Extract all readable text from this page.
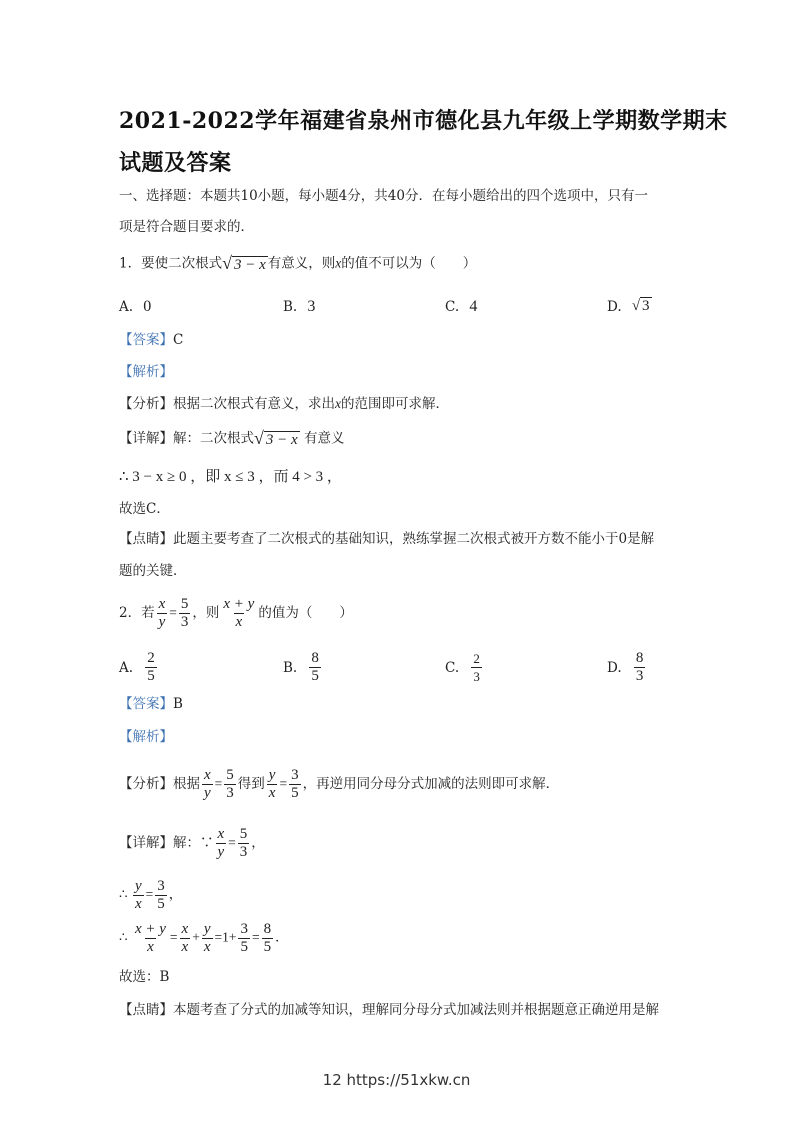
2021-2022学年福建省泉州市德化县九年级上学期数学期末
试题及答案
一、选择题：本题共10小题，每小题4分，共40分．在每小题给出的四个选项中，只有一
项是符合题目要求的．
1．要使二次根式√ 3 − x 有意义，则x的值不可以为（　　）
A. 0	B. 3	C. 4	D. √ 3
【答案】C
【解析】
【分析】根据二次根式有意义，求出x的范围即可求解．
【详解】解：二次根式√ 3 − x 有意义
∴ 3 − x ≥ 0 ，即 x ≤ 3 ，而 4 > 3 ，
故选C．
【点睛】此题主要考查了二次根式的基础知识，熟练掌握二次根式被开方数不能小于0是解
题的关键．
2．若 $\frac{x}{y} = \frac{5}{3}$ ，则 $\frac{x + y}{x}$ 的值为（　　）
A. $\frac{2}{5}$	B. $\frac{8}{5}$	C. $\frac{2}{3}$	D. $\frac{8}{3}$
【答案】B
【解析】
【分析】根据 $\frac{x}{y} = \frac{5}{3}$ 得到 $\frac{y}{x} = \frac{3}{5}$ ，再逆用同分母分式加减的法则即可求解．
【详解】解：∵ $\frac{x}{y} = \frac{5}{3}$ ，
∴ $\frac{y}{x} = \frac{3}{5}$ ，
∴ $\frac{x + y}{x} = \frac{x}{x} + \frac{y}{x} =1+ \frac{3}{5} = \frac{8}{5}$ ．
故选：B
【点睛】本题考查了分式的加减等知识，理解同分母分式加减法则并根据题意正确逆用是解
12 https://51xkw.cn
